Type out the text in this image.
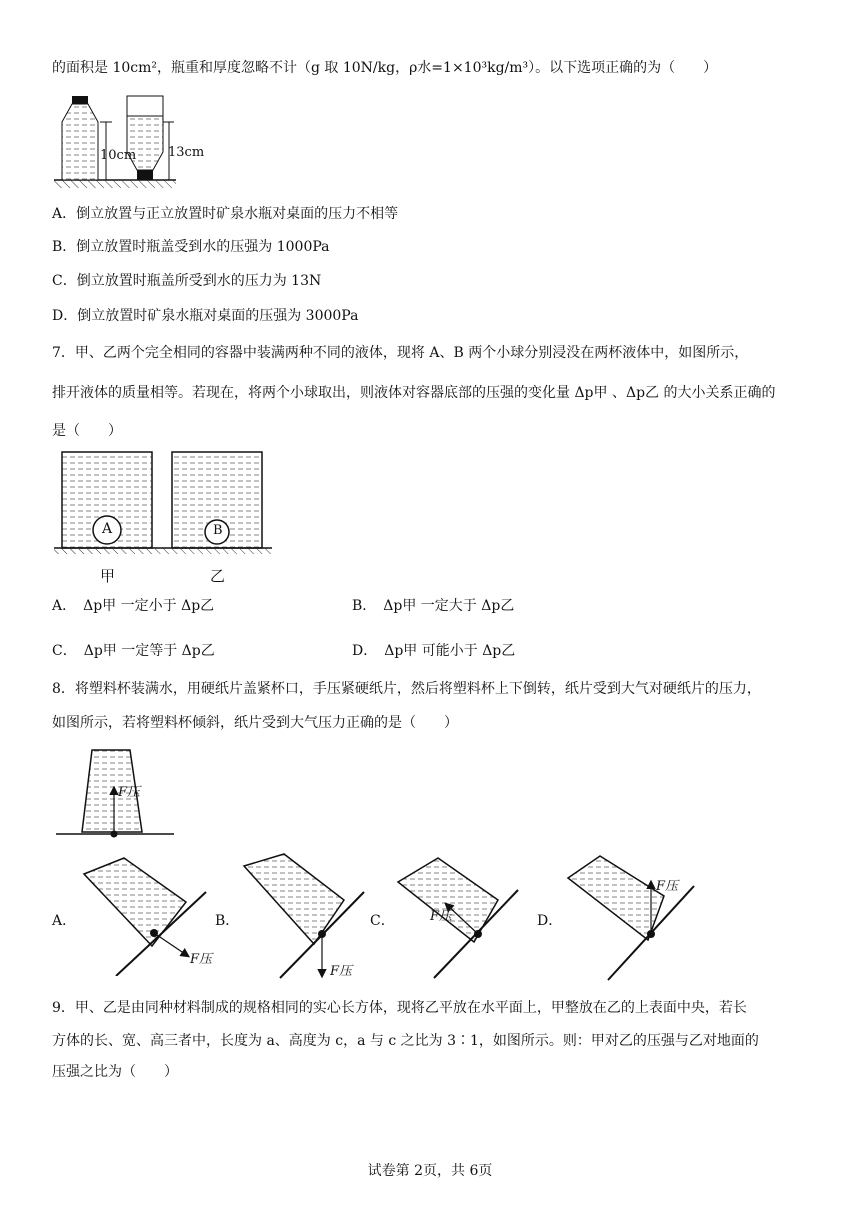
的面积是 10cm²，瓶重和厚度忽略不计（g 取 10N/kg，ρ水=1×10³kg/m³）。以下选项正确的为（　　）
10cm 13cm
A．倒立放置与正立放置时矿泉水瓶对桌面的压力不相等
B．倒立放置时瓶盖受到水的压强为 1000Pa
C．倒立放置时瓶盖所受到水的压力为 13N
D．倒立放置时矿泉水瓶对桌面的压强为 3000Pa
7．甲、乙两个完全相同的容器中装满两种不同的液体，现将 A、B 两个小球分别浸没在两杯液体中，如图所示，
排开液体的质量相等。若现在，将两个小球取出，则液体对容器底部的压强的变化量 Δp甲 、Δp乙 的大小关系正确的
是（　　）
A	B
甲	乙
A．　Δp甲 一定小于 Δp乙	B．　Δp甲 一定大于 Δp乙
C．　Δp甲 一定等于 Δp乙	D．　Δp甲 可能小于 Δp乙
8．将塑料杯装满水，用硬纸片盖紧杯口，手压紧硬纸片，然后将塑料杯上下倒转，纸片受到大气对硬纸片的压力，
如图所示，若将塑料杯倾斜，纸片受到大气压力正确的是（　　）
F压
A．
F压
B．
F压
C．	F压	D．
F压
9．甲、乙是由同种材料制成的规格相同的实心长方体，现将乙平放在水平面上，甲整放在乙的上表面中央，若长
方体的长、宽、高三者中，长度为 a、高度为 c，a 与 c 之比为 3∶1，如图所示。则：甲对乙的压强与乙对地面的
压强之比为（　　）
试卷第 2页，共 6页
